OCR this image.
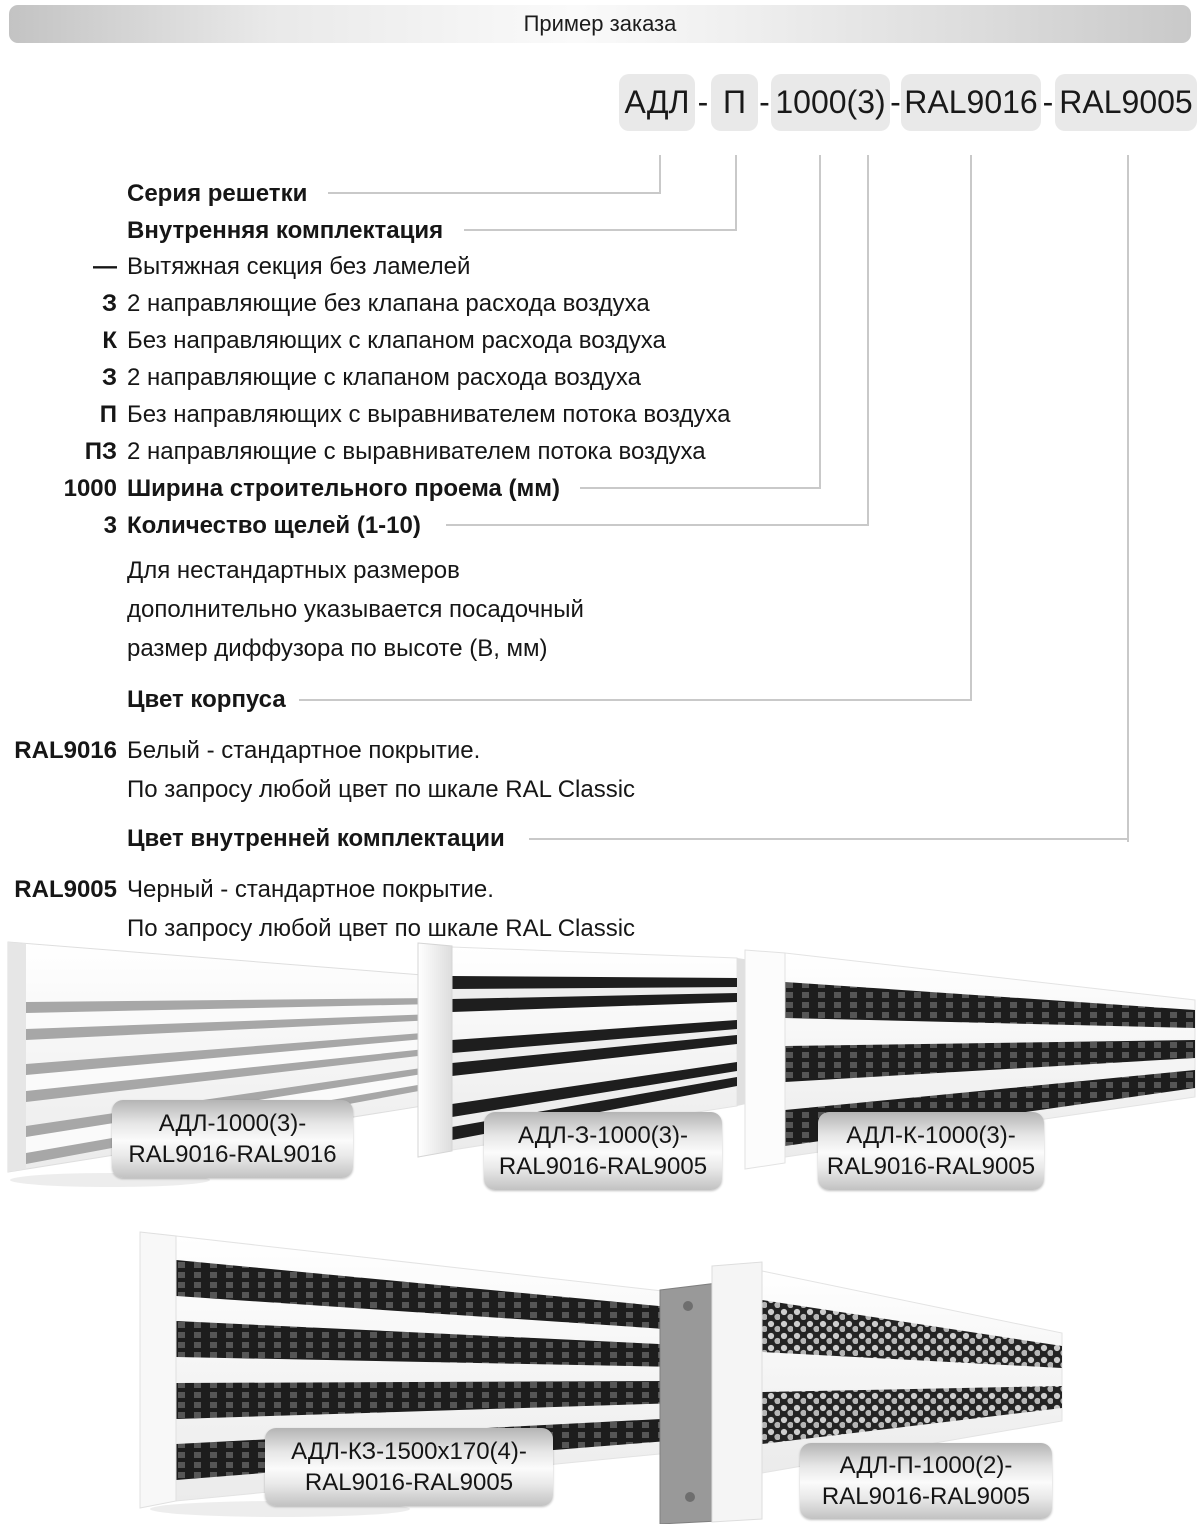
Пример заказа
АДЛ - П - 1000(3) - RAL9016 - RAL9005
Серия решетки
Внутренняя комплектация
— Вытяжная секция без ламелей
З 2 направляющие без клапана расхода воздуха
К Без направляющих с клапаном расхода воздуха
З 2 направляющие с клапаном расхода воздуха
П Без направляющих с выравнивателем потока воздуха
ПЗ 2 направляющие с выравнивателем потока воздуха
1000 Ширина строительного проема (мм)
3 Количество щелей (1-10)
Для нестандартных размеров
дополнительно указывается посадочный
размер диффузора по высоте (В, мм)
Цвет корпуса
RAL9016 Белый - стандартное покрытие.
По запросу любой цвет по шкале RAL Classic
Цвет внутренней комплектации
RAL9005 Черный - стандартное покрытие.
По запросу любой цвет по шкале RAL Classic
АДЛ-1000(3)-
RAL9016-RAL9016
АДЛ-З-1000(3)-
RAL9016-RAL9005
АДЛ-К-1000(3)-
RAL9016-RAL9005
АДЛ-КЗ-1500х170(4)-
RAL9016-RAL9005
АДЛ-П-1000(2)-
RAL9016-RAL9005
